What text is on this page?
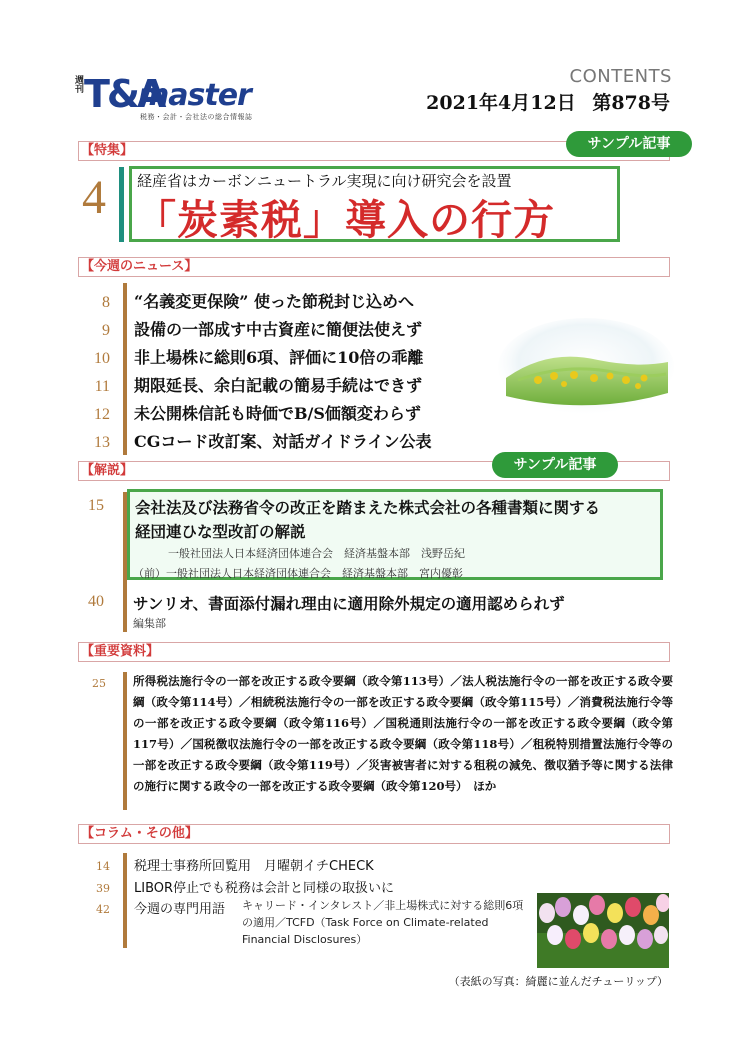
週刊 T&A
master
税務・会計・会社法の総合情報誌
CONTENTS
2021年4月12日 第878号
【特集】	サンプル記事
4 経産省はカーボンニュートラル実現に向け研究会を設置
「炭素税」導入の行方
【今週のニュース】
8 “名義変更保険” 使った節税封じ込めへ
9 設備の一部成す中古資産に簡便法使えず
10 非上場株に総則6項、評価に10倍の乖離
11 期限延長、余白記載の簡易手続はできず
12 未公開株信託も時価でB/S価額変わらず
13 CGコード改訂案、対話ガイドライン公表
【解説】	サンプル記事
15 会社法及び法務省令の改正を踏まえた株式会社の各種書類に関する
経団連ひな型改訂の解説
一般社団法人日本経済団体連合会　経済基盤本部　浅野岳紀
（前）一般社団法人日本経済団体連合会　経済基盤本部　宮内優彰
40 サンリオ、書面添付漏れ理由に適用除外規定の適用認められず
編集部
【重要資料】
25 所得税法施行令の一部を改正する政令要綱（政令第113号）／法人税法施行令の一部を改正する政令要綱（政令第114号）／相続税法施行令の一部を改正する政令要綱（政令第115号）／消費税法施行令等の一部を改正する政令要綱（政令第116号）／国税通則法施行令の一部を改正する政令要綱（政令第117号）／国税徴収法施行令の一部を改正する政令要綱（政令第118号）／租税特別措置法施行令等の一部を改正する政令要綱（政令第119号）／災害被害者に対する租税の減免、徴収猶予等に関する法律の施行に関する政令の一部を改正する政令要綱（政令第120号）　ほか
【コラム・その他】
14 税理士事務所回覧用　月曜朝イチCHECK
39 LIBOR停止でも税務は会計と同様の取扱いに
42 今週の専門用語 キャリード・インタレスト／非上場株式に対する総則6項の適用／TCFD（Task Force on Climate-related Financial Disclosures）
（表紙の写真：綺麗に並んだチューリップ）
